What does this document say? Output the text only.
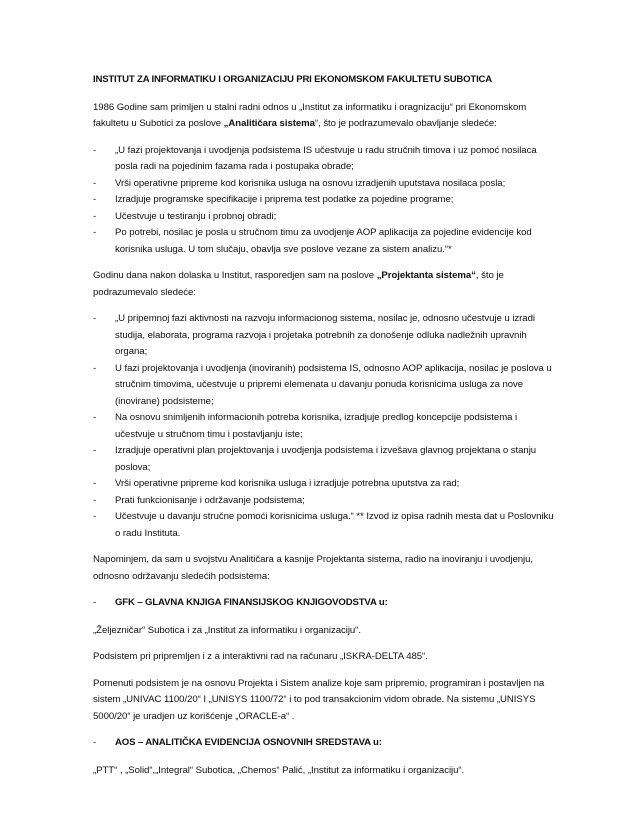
INSTITUT ZA INFORMATIKU I ORGANIZACIJU PRI EKONOMSKOM FAKULTETU SUBOTICA

1986 Godine sam primljen u stalni radni odnos u „Institut za informatiku i oragnizaciju“ pri Ekonomskom fakultetu u Subotici za poslove „Analitičara sistema“, što je podrazumevalo obavljanje sledeće:

- „U fazi projektovanja i uvodjenja podsistema IS učestvuje u radu stručnih timova i uz pomoć nosilaca posla radi na pojedinim fazama rada i postupaka obrade;
- Vrši operativne pripreme kod korisnika usluga na osnovu izradjenih uputstava nosilaca posla;
- Izradjuje programske specifikacije i priprema test podatke za pojedine programe;
- Učestvuje u testiranju i probnoj obradi;
- Po potrebi, nosilac je posla u stručnom timu za uvodjenje AOP aplikacija za pojedine evidencije kod korisnika usluga. U tom slučaju, obavlja sve poslove vezane za sistem analizu.“*

Godinu dana nakon dolaska u Institut, rasporedjen sam na poslove „Projektanta sistema“, što je podrazumevalo sledeće:

- „U pripemnoj fazi aktivnosti na razvoju informacionog sistema, nosilac je, odnosno učestvuje u izradi studija, elaborata, programa razvoja i projetaka potrebnih za donošenje odluka nadležnih upravnih organa;
- U fazi projektovanja i uvodjenja (inoviranih) podsistema IS, odnosno AOP aplikacija, nosilac je poslova u stručnim timovima, učestvuje u pripremi elemenata u davanju ponuda korisnicima usluga za nove (inovirane) podsisteme;
- Na osnovu snimljenih informacionih potreba korisnika, izradjuje predlog koncepcije podsistema i učestvuje u stručnom timu i postavljanju iste;
- Izradjuje operativni plan projektovanja i uvodjenja podsistema i izvešava glavnog projektana o stanju poslova;
- Vrši operativne pripreme kod korisnika usluga i izradjuje potrebna uputstva za rad;
- Prati funkcionisanje i održavanje podsistema;
- Učestvuje u davanju stručne pomoći korisnicima usluga.“ ** Izvod iz opisa radnih mesta dat u Poslovniku o radu Instituta.

Napominjem, da sam u svojstvu Analitičara a kasnije Projektanta sistema, radio na inoviranju i uvodjenju, odnosno održavanju sledećih podsistema:

- GFK – GLAVNA KNJIGA FINANSIJSKOG KNJIGOVODSTVA u:

„Željezničar“ Subotica i za „Institut za informatiku i organizaciju“.

Podsistem pri pripremljen i z a interaktivni rad na računaru „ISKRA-DELTA 485“.

Pomenuti podsistem je na osnovu Projekta i Sistem analize koje sam pripremio, programiran i postavljen na sistem „UNIVAC 1100/20“ I „UNISYS 1100/72“ i to pod transakcionim vidom obrade. Na sistemu „UNISYS 5000/20“ je uradjen uz korišćenje „ORACLE-a“ .

- AOS – ANALITIČKA EVIDENCIJA OSNOVNIH SREDSTAVA u:

„PTT“ , „Solid“,„Integral“ Subotica, „Chemos“ Palić, „Institut za informatiku i organizaciju“.
